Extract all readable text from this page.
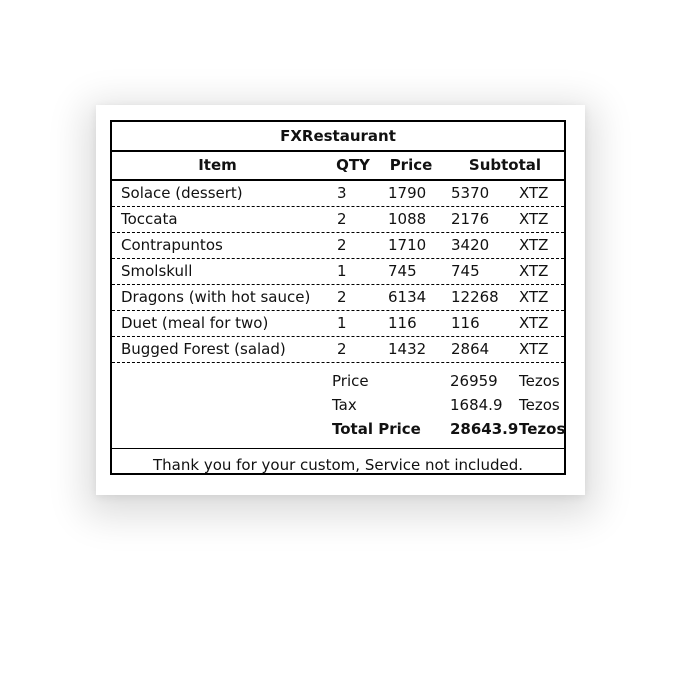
FXRestaurant
Item	QTY	Price	Subtotal
Solace (dessert)	3	1790 5370 XTZ
Toccata	2	1088 2176 XTZ
Contrapuntos	2	1710 3420 XTZ
Smolskull	1	745 745	XTZ
Dragons (with hot sauce) 2	6134 12268 XTZ
Duet (meal for two)	1	116 116	XTZ
Bugged Forest (salad)	2	1432 2864 XTZ
Price	26959 Tezos
Tax	1684.9 Tezos
Total Price 28643.9 Tezos
Thank you for your custom, Service not included.
